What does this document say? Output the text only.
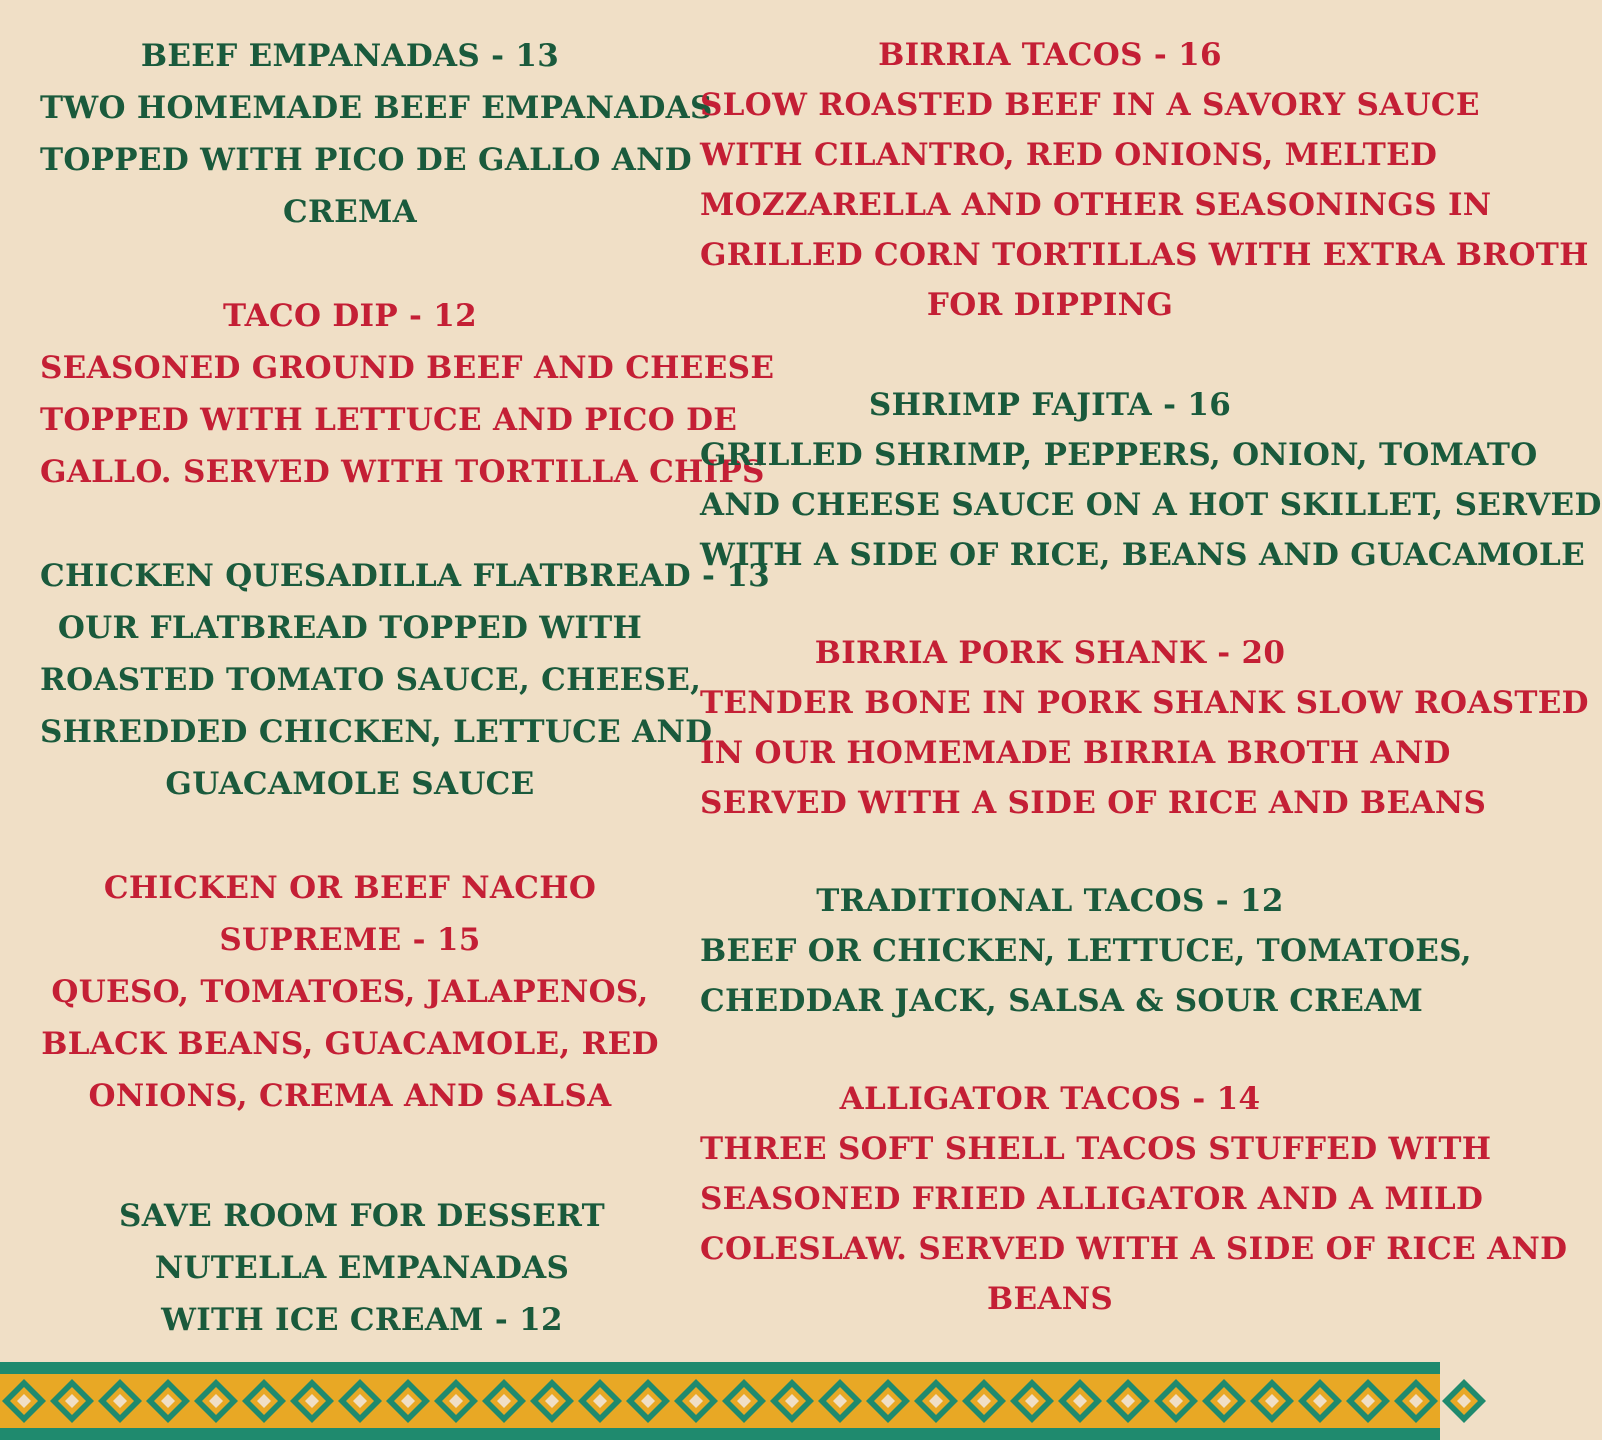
BEEF EMPANADAS - 13
TWO HOMEMADE BEEF EMPANADAS
TOPPED WITH PICO DE GALLO AND
CREMA
TACO DIP - 12
SEASONED GROUND BEEF AND CHEESE
TOPPED WITH LETTUCE AND PICO DE
GALLO. SERVED WITH TORTILLA CHIPS
CHICKEN QUESADILLA FLATBREAD - 13
OUR FLATBREAD TOPPED WITH
ROASTED TOMATO SAUCE, CHEESE,
SHREDDED CHICKEN, LETTUCE AND
GUACAMOLE SAUCE
CHICKEN OR BEEF NACHO
SUPREME - 15
QUESO, TOMATOES, JALAPENOS,
BLACK BEANS, GUACAMOLE, RED
ONIONS, CREMA AND SALSA
SAVE ROOM FOR DESSERT
NUTELLA EMPANADAS
WITH ICE CREAM - 12
BIRRIA TACOS - 16
SLOW ROASTED BEEF IN A SAVORY SAUCE
WITH CILANTRO, RED ONIONS, MELTED
MOZZARELLA AND OTHER SEASONINGS IN
GRILLED CORN TORTILLAS WITH EXTRA BROTH
FOR DIPPING
SHRIMP FAJITA - 16
GRILLED SHRIMP, PEPPERS, ONION, TOMATO
AND CHEESE SAUCE ON A HOT SKILLET, SERVED
WITH A SIDE OF RICE, BEANS AND GUACAMOLE
BIRRIA PORK SHANK - 20
TENDER BONE IN PORK SHANK SLOW ROASTED
IN OUR HOMEMADE BIRRIA BROTH AND
SERVED WITH A SIDE OF RICE AND BEANS
TRADITIONAL TACOS - 12
BEEF OR CHICKEN, LETTUCE, TOMATOES,
CHEDDAR JACK, SALSA & SOUR CREAM
ALLIGATOR TACOS - 14
THREE SOFT SHELL TACOS STUFFED WITH
SEASONED FRIED ALLIGATOR AND A MILD
COLESLAW. SERVED WITH A SIDE OF RICE AND
BEANS
